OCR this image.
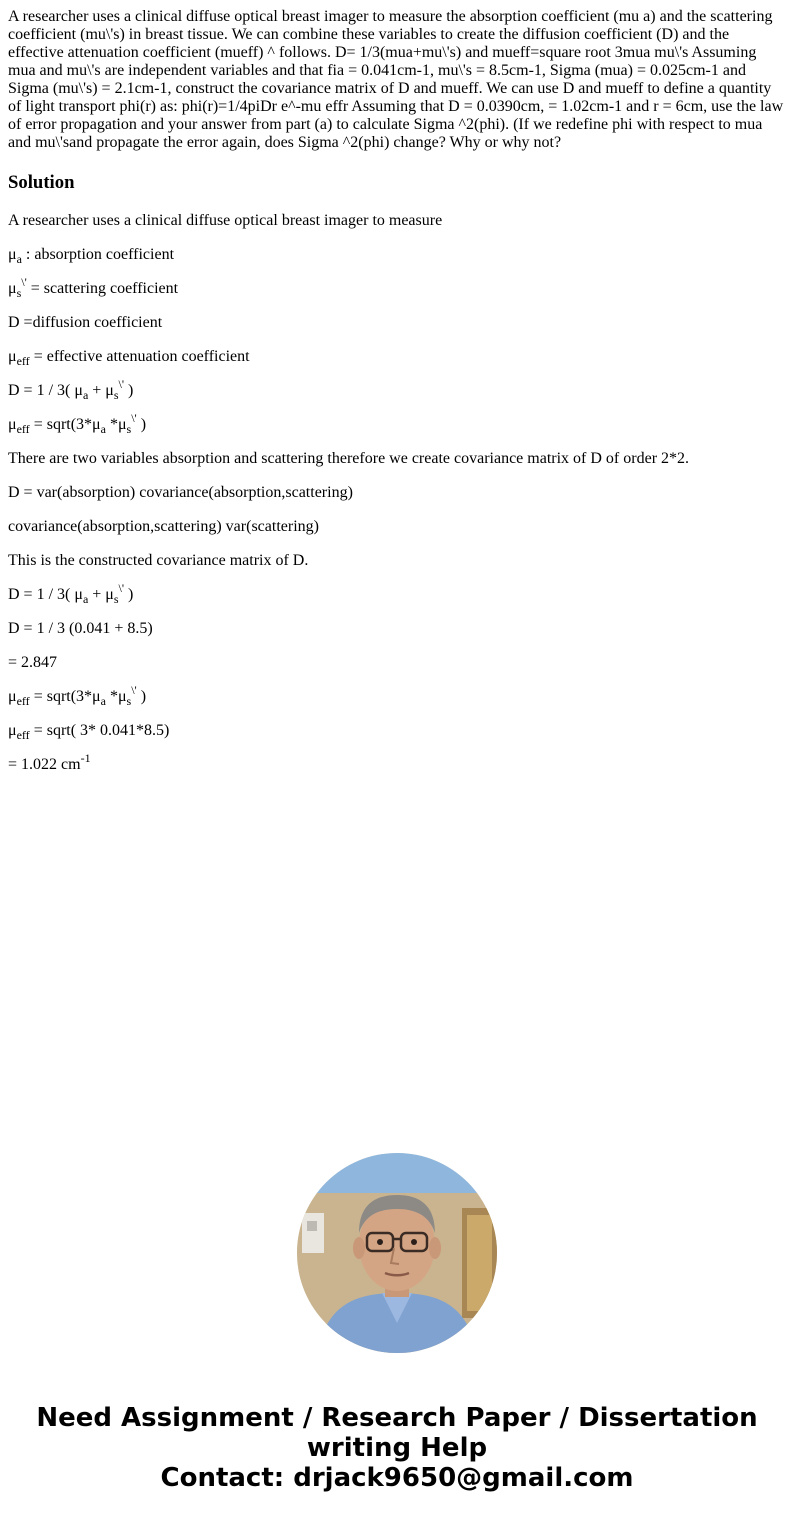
A researcher uses a clinical diffuse optical breast imager to measure the absorption coefficient (mu a) and the scattering coefficient (mu\'s) in breast tissue. We can combine these variables to create the diffusion coefficient (D) and the effective attenuation coefficient (mueff) ^ follows. D= 1/3(mua+mu\'s) and mueff=square root 3mua mu\'s Assuming mua and mu\'s are independent variables and that fia = 0.041cm-1, mu\'s = 8.5cm-1, Sigma (mua) = 0.025cm-1 and Sigma (mu\'s) = 2.1cm-1, construct the covariance matrix of D and mueff. We can use D and mueff to define a quantity of light transport phi(r) as: phi(r)=1/4piDr e^-mu effr Assuming that D = 0.0390cm, = 1.02cm-1 and r = 6cm, use the law of error propagation and your answer from part (a) to calculate Sigma ^2(phi). (If we redefine phi with respect to mua and mu\'sand propagate the error again, does Sigma ^2(phi) change? Why or why not?

Solution

A researcher uses a clinical diffuse optical breast imager to measure

$\mu_a$ : absorption coefficient

$\mu_s^{\backslash'}$ = scattering coefficient

D =diffusion coefficient

$\mu_{eff}$ = effective attenuation coefficient

D = 1 / 3( $\mu_a + \mu_s^{\backslash'}$ )

$\mu_{eff}$ = $sqrt(3*\mu_a$ $*\mu_s^{\backslash'}$ )

There are two variables absorption and scattering therefore we create covariance matrix of D of order 2*2.

D = var(absorption) covariance(absorption,scattering)

covariance(absorption,scattering) var(scattering)

This is the constructed covariance matrix of D.

D = 1 / 3( $\mu_a + \mu_s^{\backslash'}$ )

D = 1 / 3 (0.041 + 8.5)

= 2.847

$\mu_{eff}$ = $sqrt(3*\mu_a$ $*\mu_s^{\backslash'}$ )

$\mu_{eff}$ = sqrt( 3* 0.041*8.5)

= 1.022 $cm^{-1}$

Need Assignment / Research Paper / Dissertation
writing Help
Contact: drjack9650@gmail.com
